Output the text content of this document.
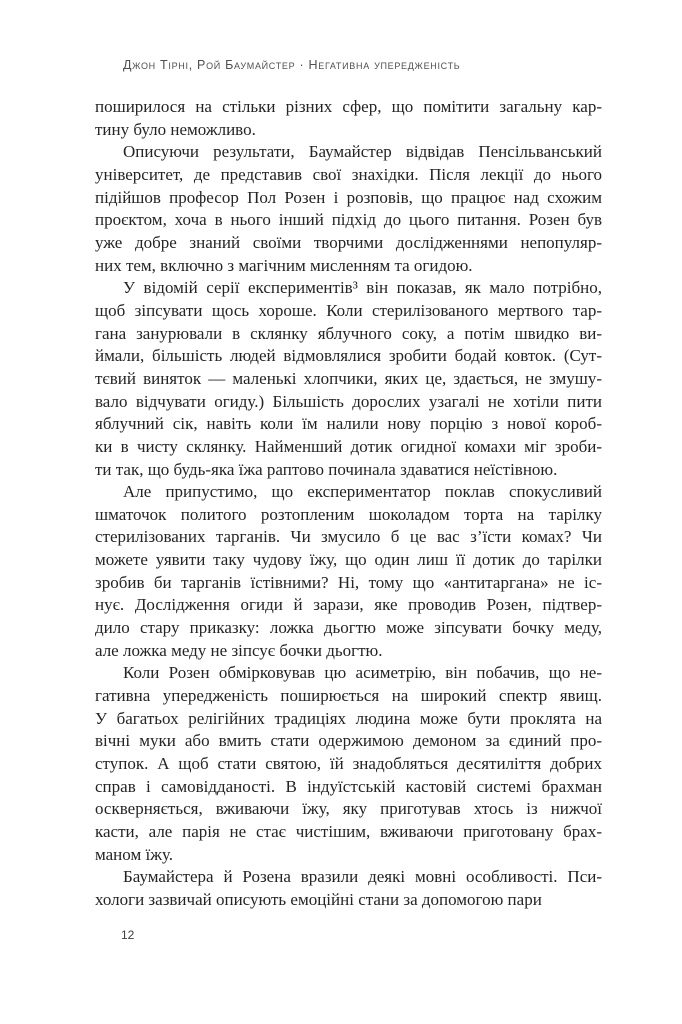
Джон Тірні, Рой Баумайстер · Негативна упередженість
поширилося на стільки різних сфер, що помітити загальну кар-
тину було неможливо.
Описуючи результати, Баумайстер відвідав Пенсільванський
університет, де представив свої знахідки. Після лекції до нього
підійшов професор Пол Розен і розповів, що працює над схожим
проєктом, хоча в нього інший підхід до цього питання. Розен був
уже добре знаний своїми творчими дослідженнями непопуляр-
них тем, включно з магічним мисленням та огидою.
У відомій серії експериментів³ він показав, як мало потрібно,
щоб зіпсувати щось хороше. Коли стерилізованого мертвого тар-
гана занурювали в склянку яблучного соку, а потім швидко ви-
ймали, більшість людей відмовлялися зробити бодай ковток. (Сут-
тєвий виняток — маленькі хлопчики, яких це, здається, не змушу-
вало відчувати огиду.) Більшість дорослих узагалі не хотіли пити
яблучний сік, навіть коли їм налили нову порцію з нової короб-
ки в чисту склянку. Найменший дотик огидної комахи міг зроби-
ти так, що будь-яка їжа раптово починала здаватися неїстівною.
Але припустимо, що експериментатор поклав спокусливий
шматочок политого розтопленим шоколадом торта на тарілку
стерилізованих тарганів. Чи змусило б це вас з’їсти комах? Чи
можете уявити таку чудову їжу, що один лиш її дотик до тарілки
зробив би тарганів їстівними? Ні, тому що «антитаргана» не іс-
нує. Дослідження огиди й зарази, яке проводив Розен, підтвер-
дило стару приказку: ложка дьогтю може зіпсувати бочку меду,
але ложка меду не зіпсує бочки дьогтю.
Коли Розен обмірковував цю асиметрію, він побачив, що не-
гативна упередженість поширюється на широкий спектр явищ.
У багатьох релігійних традиціях людина може бути проклята на
вічні муки або вмить стати одержимою демоном за єдиний про-
ступок. А щоб стати святою, їй знадобляться десятиліття добрих
справ і самовідданості. В індуїстській кастовій системі брахман
оскверняється, вживаючи їжу, яку приготував хтось із нижчої
касти, але парія не стає чистішим, вживаючи приготовану брах-
маном їжу.
Баумайстера й Розена вразили деякі мовні особливості. Пси-
хологи зазвичай описують емоційні стани за допомогою пари
12
